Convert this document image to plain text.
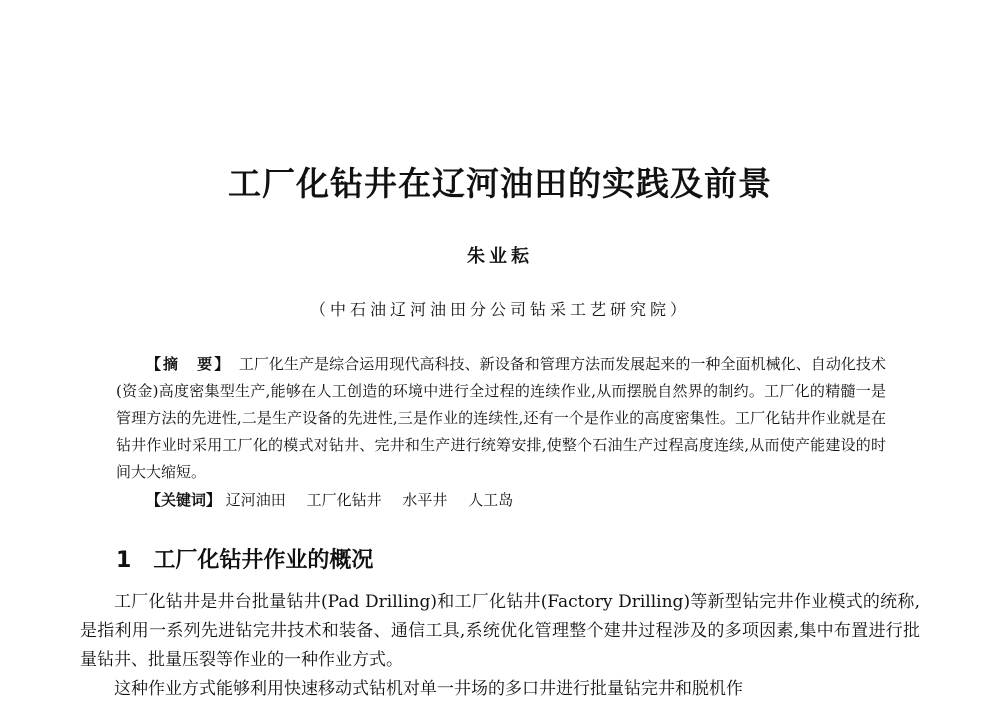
工厂化钻井在辽河油田的实践及前景
朱业耘
（中石油辽河油田分公司钻采工艺研究院）
【摘　要】　 工厂化生产是综合运用现代高科技、新设备和管理方法而发展起来的一种全面机械化、自动化技术(资金)高度密集型生产,能够在人工创造的环境中进行全过程的连续作业,从而摆脱自然界的制约。工厂化的精髓一是管理方法的先进性,二是生产设备的先进性,三是作业的连续性,还有一个是作业的高度密集性。工厂化钻井作业就是在钻井作业时采用工厂化的模式对钻井、完井和生产进行统筹安排,使整个石油生产过程高度连续,从而使产能建设的时间大大缩短。
【关键词】 辽河油田 工厂化钻井 水平井 人工岛
1 工厂化钻井作业的概况

工厂化钻井是井台批量钻井(Pad Drilling)和工厂化钻井(Factory Drilling)等新型钻完井作业模式的统称,是指利用一系列先进钻完井技术和装备、通信工具,系统优化管理整个建井过程涉及的多项因素,集中布置进行批量钻井、批量压裂等作业的一种作业方式。

这种作业方式能够利用快速移动式钻机对单一井场的多口井进行批量钻完井和脱机作
